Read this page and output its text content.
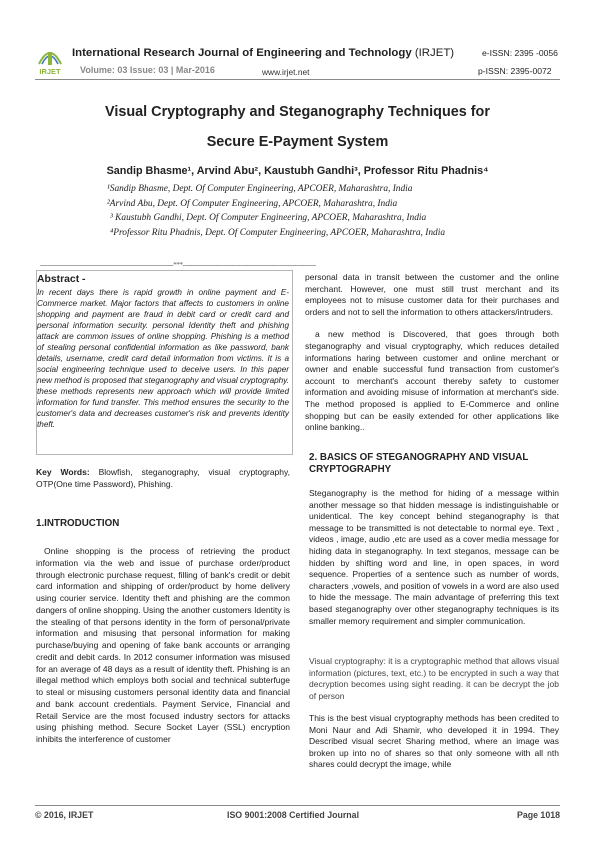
IRJET
International Research Journal of Engineering and Technology (IRJET)	e-ISSN: 2395 -0056
Volume: 03 Issue: 03 | Mar-2016	www.irjet.net	p-ISSN: 2395-0072
Visual Cryptography and Steganography Techniques for
Secure E-Payment System
Sandip Bhasme¹, Arvind Abu², Kaustubh Gandhi³, Professor Ritu Phadnis⁴
¹Sandip Bhasme, Dept. Of Computer Engineering, APCOER, Maharashtra, India
²Arvind Abu, Dept. Of Computer Engineering, APCOER, Maharashtra, India
³ Kaustubh Gandhi, Dept. Of Computer Engineering, APCOER, Maharashtra, India
⁴Professor Ritu Phadnis, Dept. Of Computer Engineering, APCOER, Maharashtra, India
---------------------------------------------------------------------***---------------------------------------------------------------------
Abstract -

In recent days there is rapid growth in online payment and E-Commerce market. Major factors that affects to customers in online shopping and payment are fraud in debit card or credit card and personal information security. personal Identity theft and phishing attack are common issues of online shopping. Phishing is a method of stealing personal confidential information as like password, bank details, username, credit card detail information from victims. It is a social engineering technique used to deceive users. In this paper new method is proposed that steganography and visual cryptography. these methods represents new approach which will provide limited information for fund transfer. This method ensures the security to the customer's data and decreases customer's risk and prevents identity theft.

Key Words: Blowfish, steganography, visual cryptography, OTP(One time Password), Phishing.
1.INTRODUCTION

Online shopping is the process of retrieving the product information via the web and issue of purchase order/product through electronic purchase request, filling of bank's credit or debit card information and shipping of order/product by home delivery using courier service. Identity theft and phishing are the common dangers of online shopping. Using the another customers Identity is the stealing of that persons identity in the form of personal/private information and misusing that personal information for making purchase/buying and opening of fake bank accounts or arranging credit and debit cards. In 2012 consumer information was misused for an average of 48 days as a result of identity theft. Phishing is an illegal method which employs both social and technical subterfuge to steal or misusing customers personal identity data and financial and bank account credentials. Payment Service, Financial and Retail Service are the most focused industry sectors for attacks using phishing method. Secure Socket Layer (SSL) encryption inhibits the interference of customer

personal data in transit between the customer and the online merchant. However, one must still trust merchant and its employees not to misuse customer data for their purchases and orders and not to sell the information to others attackers/intruders.

a new method is Discovered, that goes through both steganography and visual cryptography, which reduces detailed informations haring between customer and online merchant or owner and enable successful fund transaction from customer's account to merchant's account thereby safety to customer information and avoiding misuse of information at merchant's side. The method proposed is applied to E-Commerce and online shopping but can be easily extended for other applications like online banking..

2. BASICS OF STEGANOGRAPHY AND VISUAL CRYPTOGRAPHY

Steganography is the method for hiding of a message within another message so that hidden message is indistinguishable or unidentical. The key concept behind steganography is that message to be transmitted is not detectable to normal eye. Text , videos , image, audio ,etc are used as a cover media message for hiding data in steganography. In text steganos, message can be hidden by shifting word and line, in open spaces, in word sequence. Properties of a sentence such as number of words, characters ,vowels, and position of vowels in a word are also used to hide the message. The main advantage of preferring this text based steganography over other steganography techniques is its smaller memory requirement and simpler communication.

Visual cryptography: it is a cryptographic method that allows visual information (pictures, text, etc.) to be encrypted in such a way that decryption becomes using sight reading. it can be decrypt the job of person

This is the best visual cryptography methods has been credited to Moni Naur and Adi Shamir, who developed it in 1994. They Described visual secret Sharing method, where an image was broken up into no of shares so that only someone with all nth shares could decrypt the image, while

© 2016, IRJET	ISO 9001:2008 Certified Journal	Page 1018
